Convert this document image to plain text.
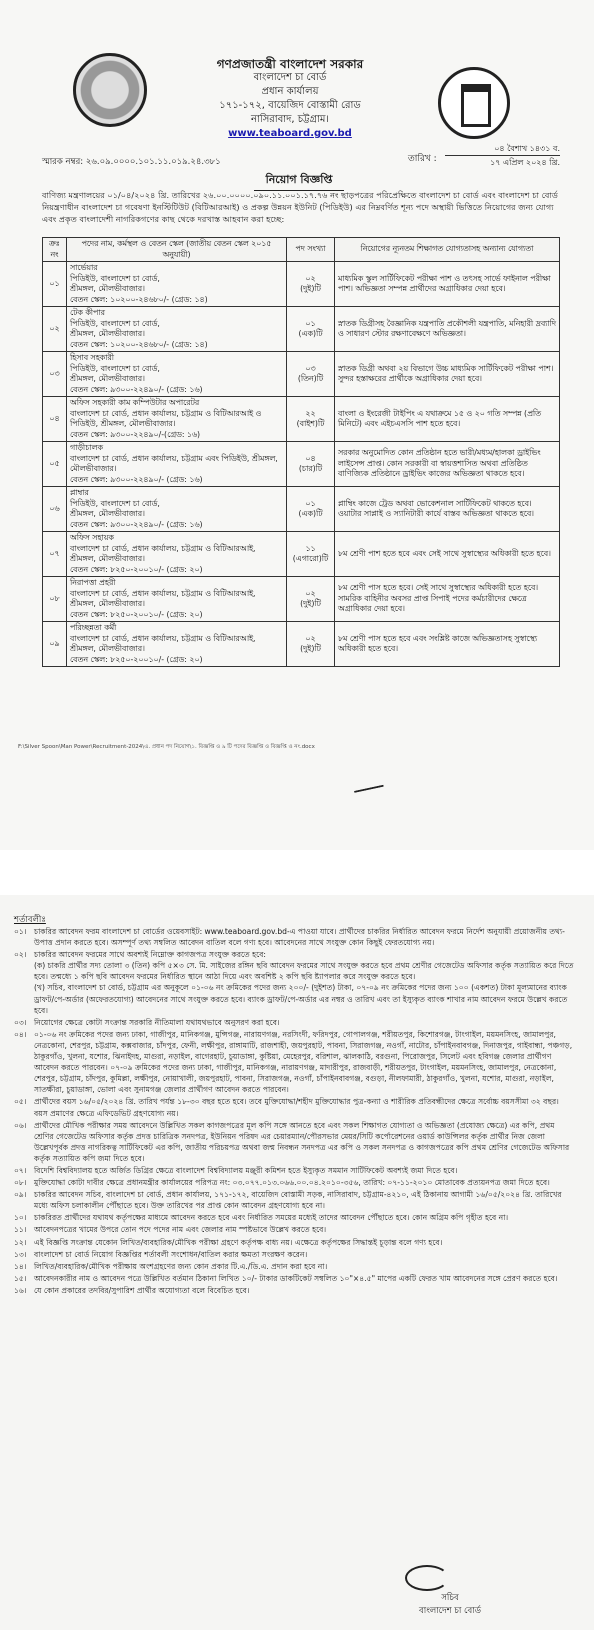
গণপ্রজাতন্ত্রী বাংলাদেশ সরকার
বাংলাদেশ চা বোর্ড
প্রধান কার্যালয়
১৭১-১৭২, বায়েজিদ বোস্তামী রোড
নাসিরাবাদ, চট্টগ্রাম।
www.teaboard.gov.bd
স্মারক নম্বর: ২৬.০৯.০০০০.১০১.১১.০১৯.২৪.৩৮১	তারিখ :
০৪ বৈশাখ ১৪৩১ ব.
১৭ এপ্রিল ২০২৪ খ্রি.
নিয়োগ বিজ্ঞপ্তি
বাণিজ্য মন্ত্রণালয়ের ০১/০৪/২০২৪ খ্রি. তারিখের ২৬.০০.০০০০.০৯০.১১.০০১.১৭.৭৬ নং ছাড়পত্রের পরিপ্রেক্ষিতে বাংলাদেশ চা বোর্ড এবং বাংলাদেশ চা বোর্ড নিয়ন্ত্রণাধীন বাংলাদেশ চা গবেষণা ইনস্টিটিউট (বিটিআরআই) ও প্রকল্প উন্নয়ন ইউনিট (পিডিইউ) এর নিম্নবর্ণিত শূন্য পদে অস্থায়ী ভিত্তিতে নিয়োগের জন্য যোগ্য এবং প্রকৃত বাংলাদেশী নাগরিকগণের কাছ থেকে দরখাস্ত আহবান করা হচ্ছে:
ক্রঃ নং	পদের নাম, কর্মস্থল ও বেতন স্কেল (জাতীয় বেতন স্কেল ২০১৫ অনুযায়ী)	পদ সংখ্যা	নিয়োগের ন্যূনতম শিক্ষাগত যোগ্যতাসহ অন্যান্য যোগ্যতা
০১	সার্ভেয়ার
পিডিইউ, বাংলাদেশ চা বোর্ড,
শ্রীমঙ্গল, মৌলভীবাজার।
বেতন স্কেল: ১০২০০-২৪৬৮০/- (গ্রেড: ১৪)	০২
(দুই)টি	মাধ্যমিক স্কুল সার্টিফিকেট পরীক্ষা পাশ ও তৎসহ সার্ভে ফাইনাল পরীক্ষা পাশ। অভিজ্ঞতা সম্পন্ন প্রার্থীদের অগ্রাধিকার দেয়া হবে।
০২	টেক কীপার
পিডিইউ, বাংলাদেশ চা বোর্ড,
শ্রীমঙ্গল, মৌলভীবাজার।
বেতন স্কেল: ১০২০০-২৪৬৮০/- (গ্রেড: ১৪)	০১
(এক)টি	স্নাতক ডিগ্রীসহ বৈজ্ঞানিক যন্ত্রপাতি প্রকৌশলী যন্ত্রপাতি, মনিহারী দ্রব্যাদি ও সাধারণ স্টোর রক্ষণাবেক্ষণে অভিজ্ঞতা।
০৩	হিসাব সহকারী
পিডিইউ, বাংলাদেশ চা বোর্ড,
শ্রীমঙ্গল, মৌলভীবাজার।
বেতন স্কেল: ৯৩০০-২২৪৯০/- (গ্রেড: ১৬)	০৩
(তিন)টি	স্নাতক ডিগ্রী অথবা ২য় বিভাগে উচ্চ মাধ্যমিক সার্টিফিকেট পরীক্ষা পাশ। সুন্দর হস্তাক্ষরের প্রার্থীকে অগ্রাধিকার দেয়া হবে।
০৪	অফিস সহকারী কাম কম্পিউটার অপারেটর
বাংলাদেশ চা বোর্ড, প্রধান কার্যালয়, চট্টগ্রাম ও বিটিআরআই ও পিডিইউ, শ্রীমঙ্গল, মৌলভীবাজার।
বেতন স্কেল: ৯৩০০-২২৪৯০/-(গ্রেড: ১৬)	২২
(বাইশ)টি	বাংলা ও ইংরেজী টাইপিং এ যথাক্রমে ১৫ ও ২০ গতি সম্পন্ন (প্রতি মিনিটে) এবং এইচএসসি পাশ হতে হবে।
০৫	গাড়ীচালক
বাংলাদেশ চা বোর্ড, প্রধান কার্যালয়, চট্টগ্রাম এবং পিডিইউ, শ্রীমঙ্গল, মৌলভীবাজার।
বেতন স্কেল: ৯৩০০-২২৪৯০/- (গ্রেড: ১৬)	০৪
(চার)টি	সরকার অনুমোদিত কোন প্রতিষ্ঠান হতে ভারী/মধ্যম/হালকা ড্রাইভিং লাইসেন্স প্রাপ্ত। কোন সরকারী বা স্বায়ত্তশাসিত অথবা প্রতিষ্ঠিত বাণিজ্যিক প্রতিষ্ঠানে ড্রাইভিং কাজের অভিজ্ঞতা থাকতে হবে।
০৬	প্লাম্বার
পিডিইউ, বাংলাদেশ চা বোর্ড,
শ্রীমঙ্গল, মৌলভীবাজার।
বেতন স্কেল: ৯৩০০-২২৪৯০/- (গ্রেড: ১৬)	০১
(এক)টি	প্লাম্বিং কাজে ট্রেড অথবা ভোকেশনাল সার্টিফিকেট থাকতে হবে। ওয়াটার সাপ্লাই ও স্যানিটারী কার্যে বাস্তব অভিজ্ঞতা থাকতে হবে।
০৭	অফিস সহায়ক
বাংলাদেশ চা বোর্ড, প্রধান কার্যালয়, চট্টগ্রাম ও বিটিআরআই, শ্রীমঙ্গল, মৌলভীবাজার।
বেতন স্কেল: ৮২৫০-২০০১০/- (গ্রেড: ২০)	১১
(এগারো)টি	৮ম শ্রেণী পাশ হতে হবে এবং সেই সাথে সুস্বাস্থ্যের অধিকারী হতে হবে।
০৮	নিরাপত্তা প্রহরী
বাংলাদেশ চা বোর্ড, প্রধান কার্যালয়, চট্টগ্রাম ও বিটিআরআই, শ্রীমঙ্গল, মৌলভীবাজার।
বেতন স্কেল: ৮২৫০-২০০১০/- (গ্রেড: ২০)	০২
(দুই)টি	৮ম শ্রেণী পাস হতে হবে। সেই সাথে সুস্বাস্থ্যের অধিকারী হতে হবে। সামরিক বাহিনীর অবসর প্রাপ্ত সিপাই পদের কর্মচারীদের ক্ষেত্রে অগ্রাধিকার দেয়া হবে।
০৯	পরিচ্ছন্নতা কর্মী
বাংলাদেশ চা বোর্ড, প্রধান কার্যালয়, চট্টগ্রাম ও বিটিআরআই, শ্রীমঙ্গল, মৌলভীবাজার।
বেতন স্কেল: ৮২৫০-২০০১০/- (গ্রেড: ২০)	০২
(দুই)টি	৮ম শ্রেণী পাস হতে হবে এবং সংশ্লিষ্ট কাজে অভিজ্ঞতাসহ সুস্বাস্থ্যে অধিকারী হতে হবে।
F:\Silver Spoon\Man Power\Recruitment-2024\এ. প্রধান পদ নিয়োগ\১. বিজ্ঞপ্তি ও ৯ টি পদের বিজ্ঞপ্তি ও বিজ্ঞপ্তি ও নং.docx
শর্তাবলীঃ
০১। চাকরির আবেদন ফরম বাংলাদেশ চা বোর্ডের ওয়েবসাইট: www.teaboard.gov.bd-এ পাওয়া যাবে। প্রার্থীদের চাকরির নির্ধারিত আবেদন ফরমে নির্দেশ অনুযায়ী প্রয়োজনীয় তথ্য-উপাত্ত প্রদান করতে হবে। অসম্পূর্ণ তথ্য সম্বলিত আবেদন বাতিল বলে গণ্য হবে। আবেদনের সাথে সংযুক্ত কোন কিছুই ফেরতযোগ্য নয়।
০২। চাকরির আবেদন ফরমের সাথে অবশ্যই নিম্নোক্ত কাগজপত্র সংযুক্ত করতে হবে:
(ক) চাকরি প্রার্থীর সদ্য তোলা ৩ (তিন) কপি ৫×৩ সে. মি. সাইজের রঙ্গিন ছবি আবেদন ফরমের সাথে সংযুক্ত করতে হবে প্রথম শ্রেণীর গেজেটেড অফিসার কর্তৃক সত্যায়িত করে দিতে হবে। তন্মধ্যে ১ কপি ছবি আবেদন ফরমের নির্ধারিত স্থানে আঠা দিয়ে এবং অবশিষ্ট ২ কপি ছবি ষ্ট্যাপলার করে সংযুক্ত করতে হবে।
(খ) সচিব, বাংলাদেশ চা বোর্ড, চট্টগ্রাম এর অনুকূলে ০১-০৬ নং ক্রমিকের পদের জন্য ২০০/- (দুইশত) টাকা, ০৭-০৯ নং ক্রমিকের পদের জন্য ১০০ (একশত) টাকা মূল্যমানের ব্যাংক ড্রাফট/পে-অর্ডার (অফেরতযোগ্য) আবেদনের সাথে সংযুক্ত করতে হবে। ব্যাংক ড্রাফট/পে-অর্ডার এর নম্বর ও তারিখ এবং তা ইস্যুকৃত ব্যাংক শাখার নাম আবেদন ফরমে উল্লেখ করতে হবে।
০৩। নিয়োগের ক্ষেত্রে কোটা সংক্রান্ত সরকারি নীতিমালা যথাযথভাবে অনুসরণ করা হবে।
০৪। ০১-০৬ নং ক্রমিকের পদের জন্য ঢাকা, গাজীপুর, মানিকগঞ্জ, মুন্সিগঞ্জ, নারায়ণগঞ্জ, নরসিংদী, ফরিদপুর, গোপালগঞ্জ, শরীয়তপুর, কিশোরগঞ্জ, টাংগাইল, ময়মনসিংহ, জামালপুর, নেত্রকোনা, শেরপুর, চট্টগ্রাম, কক্সবাজার, চাঁদপুর, ফেনী, লক্ষীপুর, রাঙ্গামাটি, রাজশাহী, জয়পুরহাট, পাবনা, সিরাজগঞ্জ, নওগাঁ, নাটোর, চাঁপাইনবাবগঞ্জ, দিনাজপুর, গাইবান্ধা, পঞ্চগড়, ঠাকুরগাঁও, খুলনা, যশোর, ঝিনাইদহ, মাগুরা, নড়াইল, বাগেরহাট, চুয়াডাঙ্গা, কুষ্টিয়া, মেহেরপুর, বরিশাল, ঝালকাঠি, বরগুনা, পিরোজপুর, সিলেট এবং হবিগঞ্জ জেলার প্রার্থীগণ আবেদন করতে পারবেন। ০৭-০৯ ক্রমিকের পদের জন্য ঢাকা, গাজীপুর, মানিকগঞ্জ, নারায়ণগঞ্জ, মাদারীপুর, রাজবাড়ী, শরীয়তপুর, টাংগাইল, ময়মনসিংহ, জামালপুর, নেত্রকোনা, শেরপুর, চট্টগ্রাম, চাঁদপুর, কুমিল্লা, লক্ষীপুর, নোয়াখালী, জয়পুরহাট, পাবনা, সিরাজগঞ্জ, নওগাঁ, চাঁপাইনবাবগঞ্জ, বগুড়া, নীলফামারী, ঠাকুরগাঁও, খুলনা, যশোর, মাগুরা, নড়াইল, সাতক্ষীরা, চুয়াডাঙ্গা, ভোলা এবং সুনামগঞ্জ জেলার প্রার্থীগণ আবেদন করতে পারবেন।
০৫। প্রার্থীদের বয়স ১৬/০৫/২০২৪ খ্রি. তারিখ পর্যন্ত ১৮-৩০ বছর হতে হবে। তবে মুক্তিযোদ্ধা/শহীদ মুক্তিযোদ্ধার পুত্র-কন্যা ও শারীরিক প্রতিবন্ধীদের ক্ষেত্রে সর্বোচ্চ বয়সসীমা ৩২ বছর। বয়স প্রমাণের ক্ষেত্রে এফিডেভিট গ্রহণযোগ্য নয়।
০৬। প্রার্থীদের মৌখিক পরীক্ষার সময় আবেদনে উল্লিখিত সকল কাগজপত্রের মূল কপি সঙ্গে আনতে হবে এবং সকল শিক্ষাগত যোগ্যতা ও অভিজ্ঞতা (প্রযোজ্য ক্ষেত্রে) এর কপি, প্রথম শ্রেণির গেজেটেড অফিসার কর্তৃক প্রদত্ত চারিত্রিক সনদপত্র, ইউনিয়ন পরিষদ এর চেয়ারম্যান/পৌরসভার মেয়র/সিটি কর্পোরেশনের ওয়ার্ড কাউন্সিলর কর্তৃক প্রার্থীর নিজ জেলা উল্লেখপূর্বক প্রদত্ত নাগরিকত্ব সার্টিফিকেট এর কপি, জাতীয় পরিচয়পত্র অথবা জন্ম নিবন্ধন সনদপত্র এর কপি ও সকল সনদপত্র ও কাগজপত্রের কপি প্রথম শ্রেণির গেজেটেড অফিসার কর্তৃক সত্যায়িত কপি জমা দিতে হবে।
০৭। বিদেশি বিশ্ববিদ্যালয় হতে অর্জিত ডিগ্রির ক্ষেত্রে বাংলাদেশ বিশ্ববিদ্যালয় মঞ্জুরী কমিশন হতে ইস্যুকৃত সমমান সার্টিফিকেট অবশ্যই জমা দিতে হবে।
০৮। মুক্তিযোদ্ধা কোটা দাবীর ক্ষেত্রে প্রধানমন্ত্রীর কার্যালয়ের পরিপত্র নং: ০৩.০৭৭.০১৩.০৬৬.০০.০৪.২০১০-৩৫৬, তারিখ: ০৭-১১-২০১০ মোতাবেক প্রত্যয়নপত্র জমা দিতে হবে।
০৯। চাকরির আবেদন সচিব, বাংলাদেশ চা বোর্ড, প্রধান কার্যালয়, ১৭১-১৭২, বায়েজিদ বোস্তামী সড়ক, নাসিরাবাদ, চট্টগ্রাম-৪২১০, এই ঠিকানায় আগামী ১৬/০৫/২০২৪ খ্রি. তারিখের মধ্যে অফিস চলাকালীন পৌঁছাতে হবে। উক্ত তারিখের পর প্রাপ্ত কোন আবেদন গ্রহণযোগ্য হবে না।
১০। চাকরিরত প্রার্থীদের যথাযথ কর্তৃপক্ষের মাধ্যমে আবেদন করতে হবে এবং নির্ধারিত সময়ের মধ্যেই তাদের আবেদন পৌঁছাতে হবে। কোন অগ্রিম কপি গৃহীত হবে না।
১১। আবেদনপত্রের খামের উপরে তোন পদে পদের নাম এবং জেলার নাম স্পষ্টভাবে উল্লেখ করতে হবে।
১২। এই বিজ্ঞপ্তি সংক্রান্ত যেকোন লিখিত/ব্যবহারিক/মৌখিক পরীক্ষা গ্রহণে কর্তৃপক্ষ বাধ্য নয়। এক্ষেত্রে কর্তৃপক্ষের সিদ্ধান্তই চূড়ান্ত বলে গণ্য হবে।
১৩। বাংলাদেশ চা বোর্ড নিয়োগ বিজ্ঞপ্তির শর্তাবলী সংশোধন/বাতিল করার ক্ষমতা সংরক্ষণ করেন।
১৪। লিখিত/ব্যবহারিক/মৌখিক পরীক্ষায় অংশগ্রহণের জন্য কোন প্রকার টি.এ./ডি.এ. প্রদান করা হবে না।
১৫। আবেদনকারীর নাম ও আবেদন পত্রে উল্লিখিত বর্তমান ঠিকানা লিখিত ১০/- টাকার ডাকটিকেট সম্বলিত ১০"×৪.৫" মাপের একটি ফেরত খাম আবেদনের সঙ্গে প্রেরণ করতে হবে।
১৬। যে কোন প্রকারের তদবির/সুপারিশ প্রার্থীর অযোগ্যতা বলে বিবেচিত হবে।
সচিব
বাংলাদেশ চা বোর্ড
